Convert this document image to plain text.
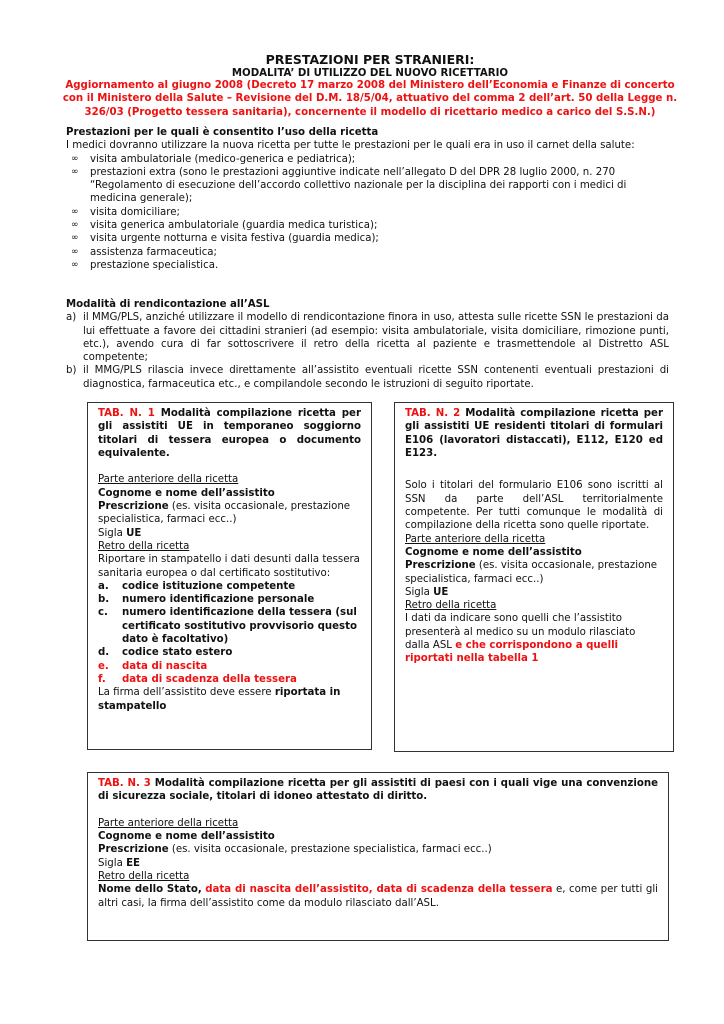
PRESTAZIONI PER STRANIERI:
MODALITA’ DI UTILIZZO DEL NUOVO RICETTARIO
Aggiornamento al giugno 2008 (Decreto 17 marzo 2008 del Ministero dell’Economia e Finanze di concerto con il Ministero della Salute – Revisione del D.M. 18/5/04, attuativo del comma 2 dell’art. 50 della Legge n. 326/03 (Progetto tessera sanitaria), concernente il modello di ricettario medico a carico del S.S.N.)
Prestazioni per le quali è consentito l’uso della ricetta
I medici dovranno utilizzare la nuova ricetta per tutte le prestazioni per le quali era in uso il carnet della salute:
∞ visita ambulatoriale (medico-generica e pediatrica);
∞ prestazioni extra (sono le prestazioni aggiuntive indicate nell’allegato D del DPR 28 luglio 2000, n. 270 “Regolamento di esecuzione dell’accordo collettivo nazionale per la disciplina dei rapporti con i medici di medicina generale);
∞ visita domiciliare;
∞ visita generica ambulatoriale (guardia medica turistica);
∞ visita urgente notturna e visita festiva (guardia medica);
∞ assistenza farmaceutica;
∞ prestazione specialistica.
Modalità di rendicontazione all’ASL
a) il MMG/PLS, anziché utilizzare il modello di rendicontazione finora in uso, attesta sulle ricette SSN le prestazioni da lui effettuate a favore dei cittadini stranieri (ad esempio: visita ambulatoriale, visita domiciliare, rimozione punti, etc.), avendo cura di far sottoscrivere il retro della ricetta al paziente e trasmettendole al Distretto ASL competente;
b) il MMG/PLS rilascia invece direttamente all’assistito eventuali ricette SSN contenenti eventuali prestazioni di diagnostica, farmaceutica etc., e compilandole secondo le istruzioni di seguito riportate.
TAB. N. 1 Modalità compilazione ricetta per gli assistiti UE in temporaneo soggiorno titolari di tessera europea o documento equivalente.
Parte anteriore della ricetta
Cognome e nome dell’assistito
Prescrizione (es. visita occasionale, prestazione specialistica, farmaci ecc..)
Sigla UE
Retro della ricetta
Riportare in stampatello i dati desunti dalla tessera sanitaria europea o dal certificato sostitutivo:
a. codice istituzione competente
b. numero identificazione personale
c. numero identificazione della tessera (sul certificato sostitutivo provvisorio questo dato è facoltativo)
d. codice stato estero
e. data di nascita
f. data di scadenza della tessera
La firma dell’assistito deve essere riportata in stampatello
TAB. N. 2 Modalità compilazione ricetta per gli assistiti UE residenti titolari di formulari E106 (lavoratori distaccati), E112, E120 ed E123.
Solo i titolari del formulario E106 sono iscritti al SSN da parte dell’ASL territorialmente competente. Per tutti comunque le modalità di compilazione della ricetta sono quelle riportate.
Parte anteriore della ricetta
Cognome e nome dell’assistito
Prescrizione (es. visita occasionale, prestazione specialistica, farmaci ecc..)
Sigla UE
Retro della ricetta
I dati da indicare sono quelli che l’assistito presenterà al medico su un modulo rilasciato dalla ASL e che corrispondono a quelli riportati nella tabella 1
TAB. N. 3 Modalità compilazione ricetta per gli assistiti di paesi con i quali vige una convenzione di sicurezza sociale, titolari di idoneo attestato di diritto.
Parte anteriore della ricetta
Cognome e nome dell’assistito
Prescrizione (es. visita occasionale, prestazione specialistica, farmaci ecc..)
Sigla EE
Retro della ricetta
Nome dello Stato, data di nascita dell’assistito, data di scadenza della tessera e, come per tutti gli altri casi, la firma dell’assistito come da modulo rilasciato dall’ASL.
